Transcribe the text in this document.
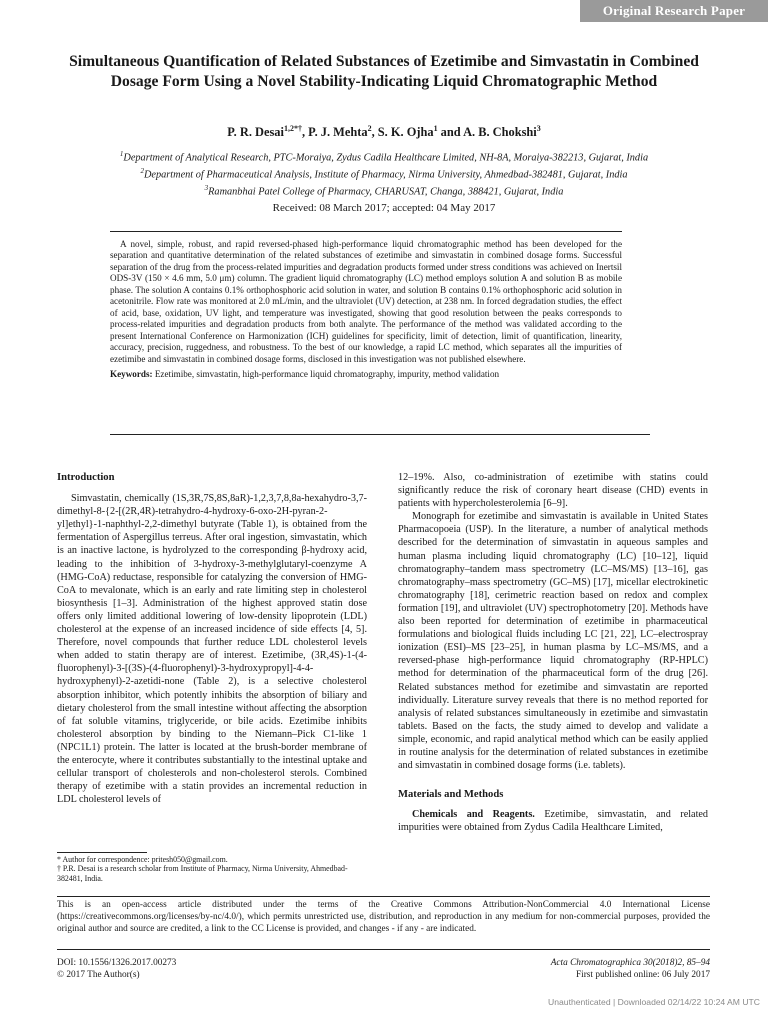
Original Research Paper
Simultaneous Quantification of Related Substances of Ezetimibe and Simvastatin in Combined Dosage Form Using a Novel Stability-Indicating Liquid Chromatographic Method
P. R. Desai$^{1,2*\dagger}$, P. J. Mehta$^2$, S. K. Ojha$^1$ and A. B. Chokshi$^3$
$^1$Department of Analytical Research, PTC-Moraiya, Zydus Cadila Healthcare Limited, NH-8A, Moraiya-382213, Gujarat, India
$^2$Department of Pharmaceutical Analysis, Institute of Pharmacy, Nirma University, Ahmedbad-382481, Gujarat, India
$^3$Ramanbhai Patel College of Pharmacy, CHARUSAT, Changa, 388421, Gujarat, India
Received: 08 March 2017; accepted: 04 May 2017

A novel, simple, robust, and rapid reversed-phased high-performance liquid chromatographic method has been developed for the separation and quantitative determination of the related substances of ezetimibe and simvastatin in combined dosage forms. Successful separation of the drug from the process-related impurities and degradation products formed under stress conditions was achieved on Inertsil ODS-3V (150 × 4.6 mm, 5.0 μm) column. The gradient liquid chromatography (LC) method employs solution A and solution B as mobile phase. The solution A contains 0.1% orthophosphoric acid solution in water, and solution B contains 0.1% orthophosphoric acid solution in acetonitrile. Flow rate was monitored at 2.0 mL/min, and the ultraviolet (UV) detection, at 238 nm. In forced degradation studies, the effect of acid, base, oxidation, UV light, and temperature was investigated, showing that good resolution between the peaks corresponds to process-related impurities and degradation products from both analyte. The performance of the method was validated according to the present International Conference on Harmonization (ICH) guidelines for specificity, limit of detection, limit of quantification, linearity, accuracy, precision, ruggedness, and robustness. To the best of our knowledge, a rapid LC method, which separates all the impurities of ezetimibe and simvastatin in combined dosage forms, disclosed in this investigation was not published elsewhere.

Keywords: Ezetimibe, simvastatin, high-performance liquid chromatography, impurity, method validation
Introduction

Simvastatin, chemically (1S,3R,7S,8S,8aR)-1,2,3,7,8,8a-hexahydro-3,7-dimethyl-8-{2-[(2R,4R)-tetrahydro-4-hydroxy-6-oxo-2H-pyran-2-yl]ethyl}-1-naphthyl-2,2-dimethyl butyrate (Table 1), is obtained from the fermentation of Aspergillus terreus. After oral ingestion, simvastatin, which is an inactive lactone, is hydrolyzed to the corresponding β-hydroxy acid, leading to the inhibition of 3-hydroxy-3-methylglutaryl-coenzyme A (HMG-CoA) reductase, responsible for catalyzing the conversion of HMG-CoA to mevalonate, which is an early and rate limiting step in cholesterol biosynthesis [1–3]. Administration of the highest approved statin dose offers only limited additional lowering of low-density lipoprotein (LDL) cholesterol at the expense of an increased incidence of side effects [4, 5]. Therefore, novel compounds that further reduce LDL cholesterol levels when added to statin therapy are of interest. Ezetimibe, (3R,4S)-1-(4-fluorophenyl)-3-[(3S)-(4-fluorophenyl)-3-hydroxypropyl]-4-4-hydroxyphenyl)-2-azetidi-none (Table 2), is a selective cholesterol absorption inhibitor, which potently inhibits the absorption of biliary and dietary cholesterol from the small intestine without affecting the absorption of fat soluble vitamins, triglyceride, or bile acids. Ezetimibe inhibits cholesterol absorption by binding to the Niemann–Pick C1-like 1 (NPC1L1) protein. The latter is located at the brush-border membrane of the enterocyte, where it contributes substantially to the intestinal uptake and cellular transport of cholesterols and non-cholesterol sterols. Combined therapy of ezetimibe with a statin provides an incremental reduction in LDL cholesterol levels of

* Author for correspondence: pritesh050@gmail.com.

† P.R. Desai is a research scholar from Institute of Pharmacy, Nirma University, Ahmedbad-382481, India.

12–19%. Also, co-administration of ezetimibe with statins could significantly reduce the risk of coronary heart disease (CHD) events in patients with hypercholesterolemia [6–9].

Monograph for ezetimibe and simvastatin is available in United States Pharmacopoeia (USP). In the literature, a number of analytical methods described for the determination of simvastatin in aqueous samples and human plasma including liquid chromatography (LC) [10–12], liquid chromatography–tandem mass spectrometry (LC–MS/MS) [13–16], gas chromatography–mass spectrometry (GC–MS) [17], micellar electrokinetic chromatography [18], cerimetric reaction based on redox and complex formation [19], and ultraviolet (UV) spectrophotometry [20]. Methods have also been reported for determination of ezetimibe in pharmaceutical formulations and biological fluids including LC [21, 22], LC–electrospray ionization (ESI)–MS [23–25], in human plasma by LC–MS/MS, and a reversed-phase high-performance liquid chromatography (RP-HPLC) method for determination of the pharmaceutical form of the drug [26]. Related substances method for ezetimibe and simvastatin are reported individually. Literature survey reveals that there is no method reported for analysis of related substances simultaneously in ezetimibe and simvastatin tablets. Based on the facts, the study aimed to develop and validate a simple, economic, and rapid analytical method which can be easily applied in routine analysis for the determination of related substances in ezetimibe and simvastatin in combined dosage forms (i.e. tablets).

Materials and Methods

Chemicals and Reagents. Ezetimibe, simvastatin, and related impurities were obtained from Zydus Cadila Healthcare Limited,

This is an open-access article distributed under the terms of the Creative Commons Attribution-NonCommercial 4.0 International License (https://creativecommons.org/licenses/by-nc/4.0/), which permits unrestricted use, distribution, and reproduction in any medium for non-commercial purposes, provided the original author and source are credited, a link to the CC License is provided, and changes - if any - are indicated.
DOI: 10.1556/1326.2017.00273
© 2017 The Author(s)
Acta Chromatographica 30(2018)2, 85–94
First published online: 06 July 2017
Unauthenticated | Downloaded 02/14/22 10:24 AM UTC
